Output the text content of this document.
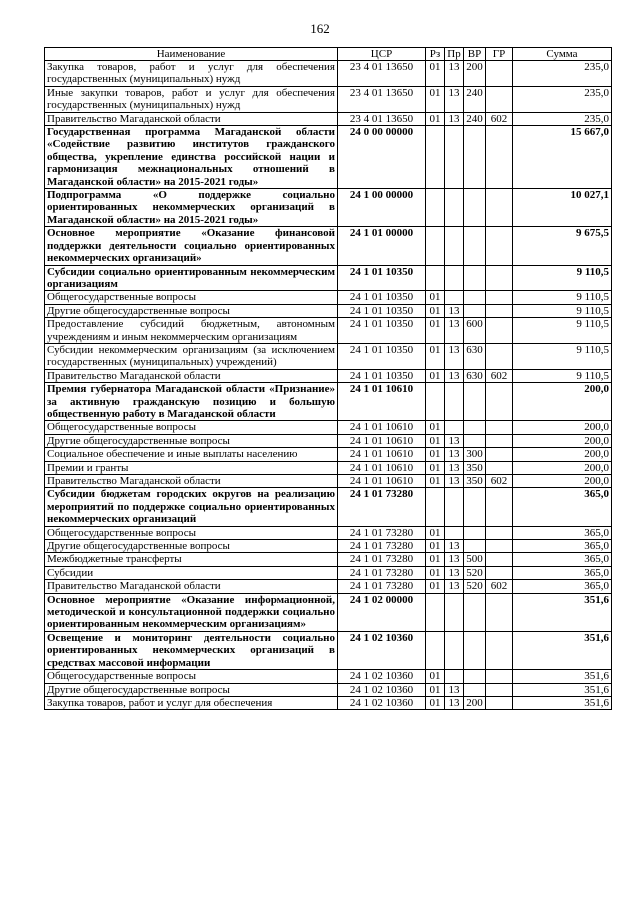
162
Наименование	ЦСР	Рз	Пр	ВР	ГР	Сумма
Закупка товаров, работ и услуг для обеспечения государственных (муниципальных) нужд	23 4 01 13650	01	13	200		235,0
Иные закупки товаров, работ и услуг для обеспечения государственных (муниципальных) нужд	23 4 01 13650	01	13	240		235,0
Правительство Магаданской области	23 4 01 13650	01	13	240	602	235,0
Государственная программа Магаданской области «Содействие развитию институтов гражданского общества, укрепление единства российской нации и гармонизация межнациональных отношений в Магаданской области» на 2015-2021 годы»	24 0 00 00000					15 667,0
Подпрограмма «О поддержке социально ориентированных некоммерческих организаций в Магаданской области» на 2015-2021 годы»	24 1 00 00000					10 027,1
Основное мероприятие «Оказание финансовой поддержки деятельности социально ориентированных некоммерческих организаций»	24 1 01 00000					9 675,5
Субсидии социально ориентированным некоммерческим организациям	24 1 01 10350					9 110,5
Общегосударственные вопросы	24 1 01 10350	01				9 110,5
Другие общегосударственные вопросы	24 1 01 10350	01	13			9 110,5
Предоставление субсидий бюджетным, автономным учреждениям и иным некоммерческим организациям	24 1 01 10350	01	13	600		9 110,5
Субсидии некоммерческим организациям (за исключением государственных (муниципальных) учреждений)	24 1 01 10350	01	13	630		9 110,5
Правительство Магаданской области	24 1 01 10350	01	13	630	602	9 110,5
Премия губернатора Магаданской области «Признание» за активную гражданскую позицию и большую общественную работу в Магаданской области	24 1 01 10610					200,0
Общегосударственные вопросы	24 1 01 10610	01				200,0
Другие общегосударственные вопросы	24 1 01 10610	01	13			200,0
Социальное обеспечение и иные выплаты населению	24 1 01 10610	01	13	300		200,0
Премии и гранты	24 1 01 10610	01	13	350		200,0
Правительство Магаданской области	24 1 01 10610	01	13	350	602	200,0
Субсидии бюджетам городских округов на реализацию мероприятий по поддержке социально ориентированных некоммерческих организаций	24 1 01 73280					365,0
Общегосударственные вопросы	24 1 01 73280	01				365,0
Другие общегосударственные вопросы	24 1 01 73280	01	13			365,0
Межбюджетные трансферты	24 1 01 73280	01	13	500		365,0
Субсидии	24 1 01 73280	01	13	520		365,0
Правительство Магаданской области	24 1 01 73280	01	13	520	602	365,0
Основное мероприятие «Оказание информационной, методической и консультационной поддержки социально ориентированным некоммерческим организациям»	24 1 02 00000					351,6
Освещение и мониторинг деятельности социально ориентированных некоммерческих организаций в средствах массовой информации	24 1 02 10360					351,6
Общегосударственные вопросы	24 1 02 10360	01				351,6
Другие общегосударственные вопросы	24 1 02 10360	01	13			351,6
Закупка товаров, работ и услуг для обеспечения	24 1 02 10360	01	13	200		351,6
